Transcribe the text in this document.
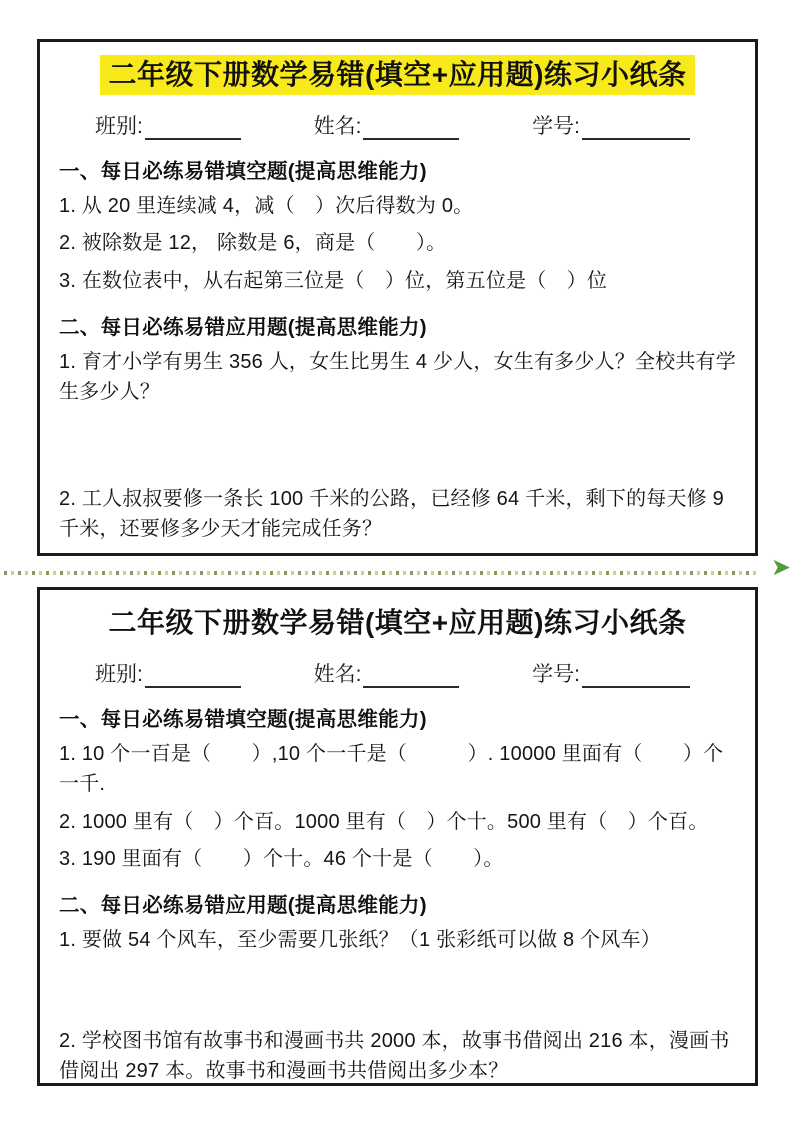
二年级下册数学易错(填空+应用题)练习小纸条
班别:	姓名:	学号:
一、每日必练易错填空题(提高思维能力)

1. 从 20 里连续减 4，减（　）次后得数为 0。

2. 被除数是 12， 除数是 6，商是（　　）。

3. 在数位表中，从右起第三位是（　）位，第五位是（　）位

二、每日必练易错应用题(提高思维能力)

1. 育才小学有男生 356 人，女生比男生 4 少人，女生有多少人？全校共有学生多少人？

2. 工人叔叔要修一条长 100 千米的公路，已经修 64 千米，剩下的每天修 9 千米，还要修多少天才能完成任务？

➤
二年级下册数学易错(填空+应用题)练习小纸条
班别:	姓名:	学号:
一、每日必练易错填空题(提高思维能力)

1. 10 个一百是（　　）,10 个一千是（　　　）. 10000 里面有（　　）个一千.

2. 1000 里有（　）个百。1000 里有（　）个十。500 里有（　）个百。

3. 190 里面有（　　）个十。46 个十是（　　）。

二、每日必练易错应用题(提高思维能力)

1. 要做 54 个风车，至少需要几张纸？（1 张彩纸可以做 8 个风车）

2. 学校图书馆有故事书和漫画书共 2000 本，故事书借阅出 216 本，漫画书借阅出 297 本。故事书和漫画书共借阅出多少本？
